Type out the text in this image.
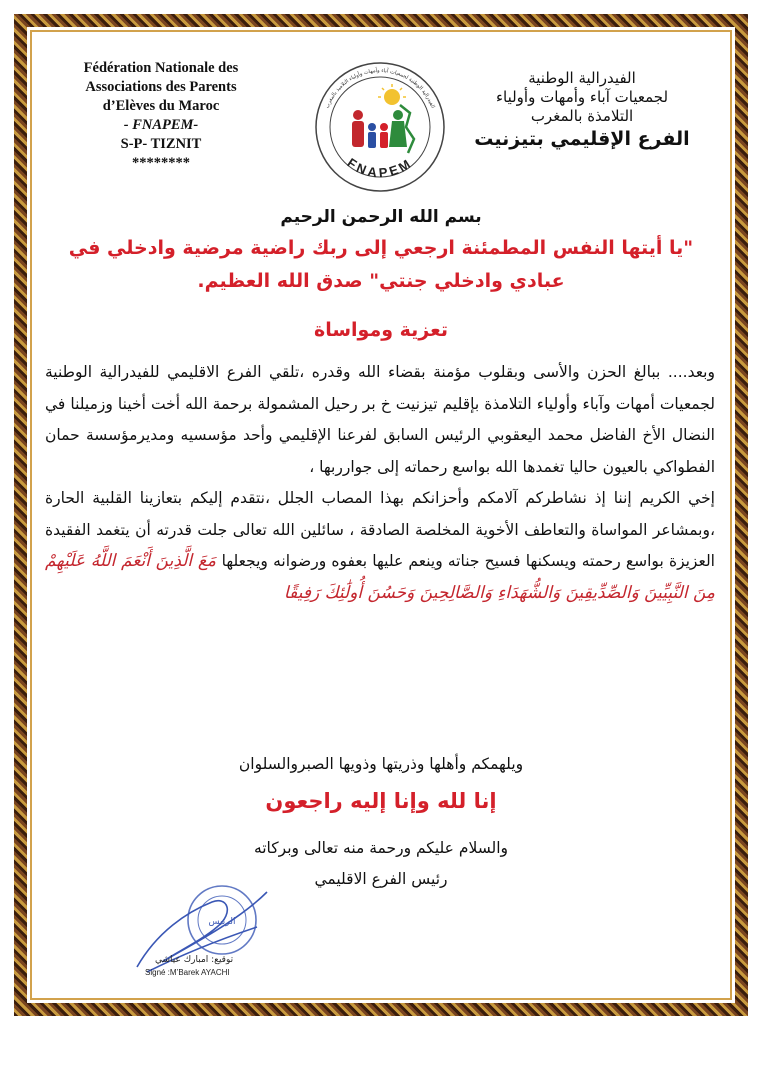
Fédération Nationale des
Associations des Parents
d’Elèves du Maroc
- FNAPEM-
S-P- TIZNIT
********
الفيدرالية الوطنية لجمعيات آباء وأمهات وأولياء التلاميذ بالمغرب
FNAPEM
الفيدرالية الوطنية
لجمعيات آباء وأمهات وأولياء
التلامذة بالمغرب
الفرع الإقليمي بتيزنيت
بسم الله الرحمن الرحيم
"يا أيتها النفس المطمئنة ارجعي إلى ربك راضية مرضية وادخلي في عبادي وادخلي جنتي" صدق الله العظيم.
تعزية ومواساة

وبعد.... ببالغ الحزن والأسى وبقلوب مؤمنة بقضاء الله وقدره ،تلقي الفرع الاقليمي للفيدرالية الوطنية لجمعيات أمهات وآباء وأولياء التلامذة بإقليم تيزنيت خ بر رحيل المشمولة برحمة الله أخت أخينا وزميلنا في النضال الأخ الفاضل محمد اليعقوبي الرئيس السابق لفرعنا الإقليمي وأحد مؤسسيه ومديرمؤسسة حمان الفطواكي بالعيون حاليا تغمدها الله بواسع رحماته إلى جوارربها ،

إخي الكريم إننا إذ نشاطركم آلامكم وأحزانكم بهذا المصاب الجلل ،نتقدم إليكم بتعازينا القلبية الحارة ،وبمشاعر المواساة والتعاطف الأخوية المخلصة الصادقة ، سائلين الله تعالى جلت قدرته أن يتغمد الفقيدة العزيزة بواسع رحمته ويسكنها فسيح جناته وينعم عليها بعفوه ورضوانه ويجعلها مَعَ الَّذِينَ أَنْعَمَ اللَّهُ عَلَيْهِمْ مِنَ النَّبِيِّينَ وَالصِّدِّيقِينَ وَالشُّهَدَاءِ وَالصَّالِحِينَ وَحَسُنَ أُولَٰئِكَ رَفِيقًا

ويلهمكم وأهلها وذريتها وذويها الصبروالسلوان
إنا لله وإنا إليه راجعون
والسلام عليكم ورحمة منه تعالى وبركاته
رئيس الفرع الاقليمي
الرئيس
توقيع: امبارك عياشي
Signé :M’Barek AYACHI
